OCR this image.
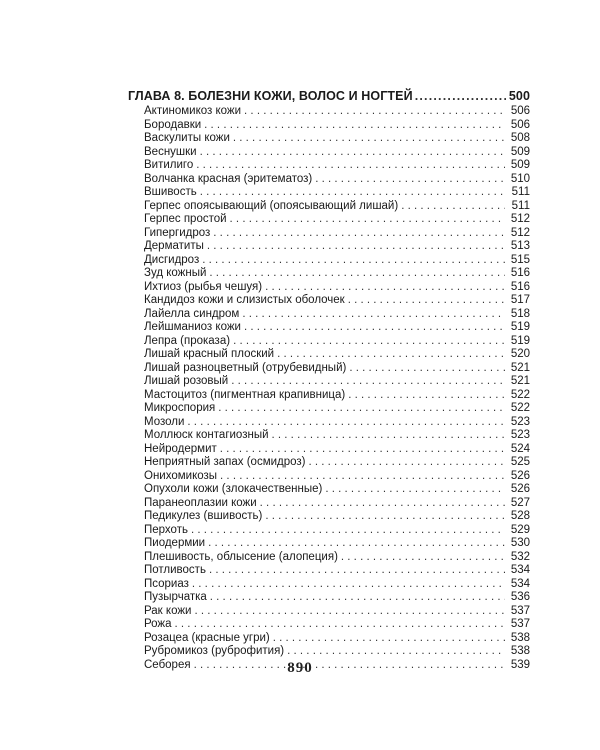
ГЛАВА 8. БОЛЕЗНИ КОЖИ, ВОЛОС И НОГТЕЙ .....	500
Актиномикоз кожи . . .	506
Бородавки . . .	506
Васкулиты кожи . . .	508
Веснушки . . .	509
Витилиго . . .	509
Волчанка красная (эритематоз) . . .	510
Вшивость . . .	511
Герпес опоясывающий (опоясывающий лишай) . . .	511
Герпес простой . . .	512
Гипергидроз . . .	512
Дерматиты . . .	513
Дисгидроз . . .	515
Зуд кожный . . .	516
Ихтиоз (рыбья чешуя) . . .	516
Кандидоз кожи и слизистых оболочек . . .	517
Лайелла синдром . . .	518
Лейшманиоз кожи . . .	519
Лепра (проказа) . . .	519
Лишай красный плоский . . .	520
Лишай разноцветный (отрубевидный) . . .	521
Лишай розовый . . .	521
Мастоцитоз (пигментная крапивница) . . .	522
Микроспория . . .	522
Мозоли . . .	523
Моллюск контагиозный . . .	523
Нейродермит . . .	524
Неприятный запах (осмидроз) . . .	525
Онихомикозы . . .	526
Опухоли кожи (злокачественные) . . .	526
Паранеоплазии кожи . . .	527
Педикулез (вшивость) . . .	528
Перхоть . . .	529
Пиодермии . . .	530
Плешивость, облысение (алопеция) . . .	532
Потливость . . .	534
Псориаз . . .	534
Пузырчатка . . .	536
Рак кожи . . .	537
Рожа . . .	537
Розацеа (красные угри) . . .	538
Рубромикоз (руброфития) . . .	538
Себорея . . .	539
890
